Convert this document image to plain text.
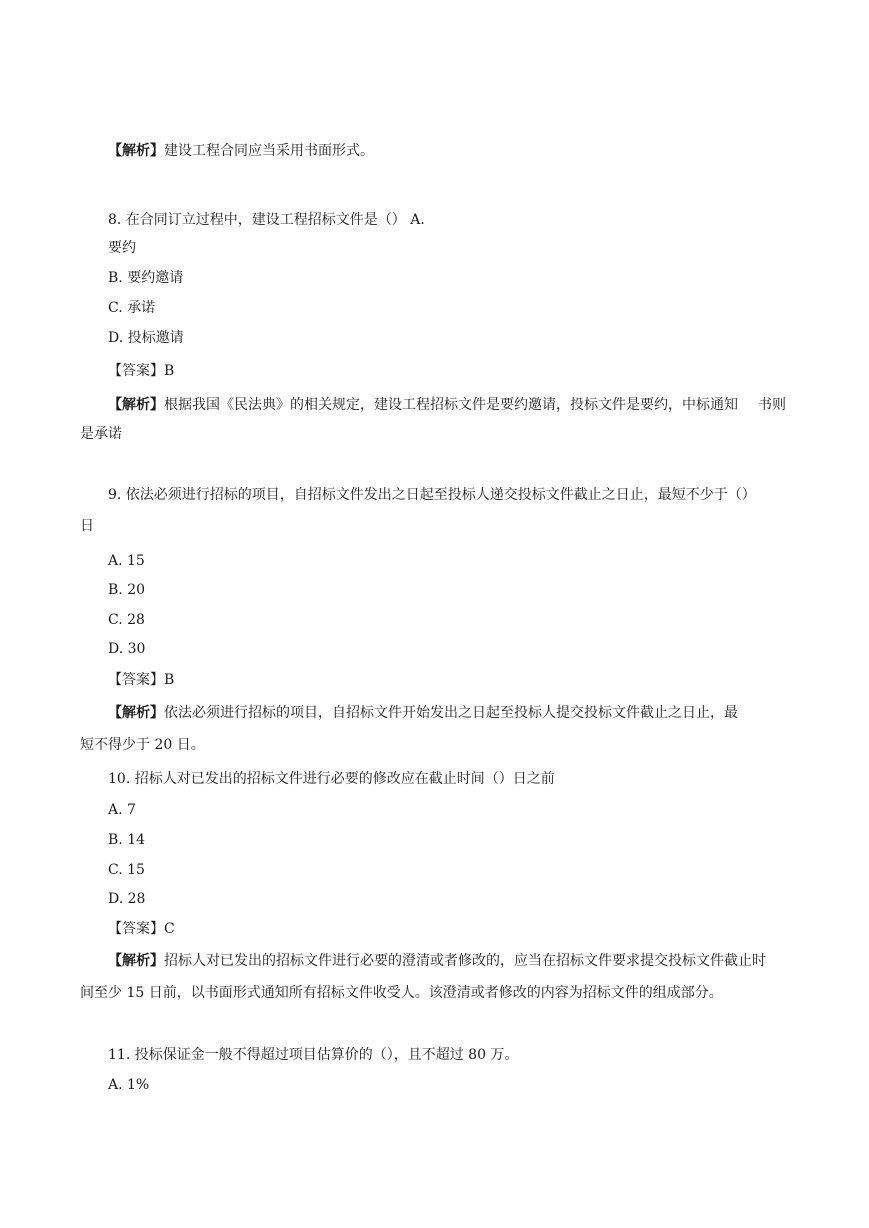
【解析】建设工程合同应当采用书面形式。
8. 在合同订立过程中，建设工程招标文件是（） A.
要约
B. 要约邀请
C. 承诺
D. 投标邀请
【答案】B
【解析】根据我国《民法典》的相关规定，建设工程招标文件是要约邀请，投标文件是要约，中标通知 书则
是承诺
9. 依法必须进行招标的项目，自招标文件发出之日起至投标人递交投标文件截止之日止，最短不少于（）
日
A. 15
B. 20
C. 28
D. 30
【答案】B
【解析】依法必须进行招标的项目，自招标文件开始发出之日起至投标人提交投标文件截止之日止，最
短不得少于 20 日。
10. 招标人对已发出的招标文件进行必要的修改应在截止时间（）日之前
A. 7
B. 14
C. 15
D. 28
【答案】C
【解析】招标人对已发出的招标文件进行必要的澄清或者修改的，应当在招标文件要求提交投标文件截止时
间至少 15 日前，以书面形式通知所有招标文件收受人。该澄清或者修改的内容为招标文件的组成部分。
11. 投标保证金一般不得超过项目估算价的（），且不超过 80 万。
A. 1%
